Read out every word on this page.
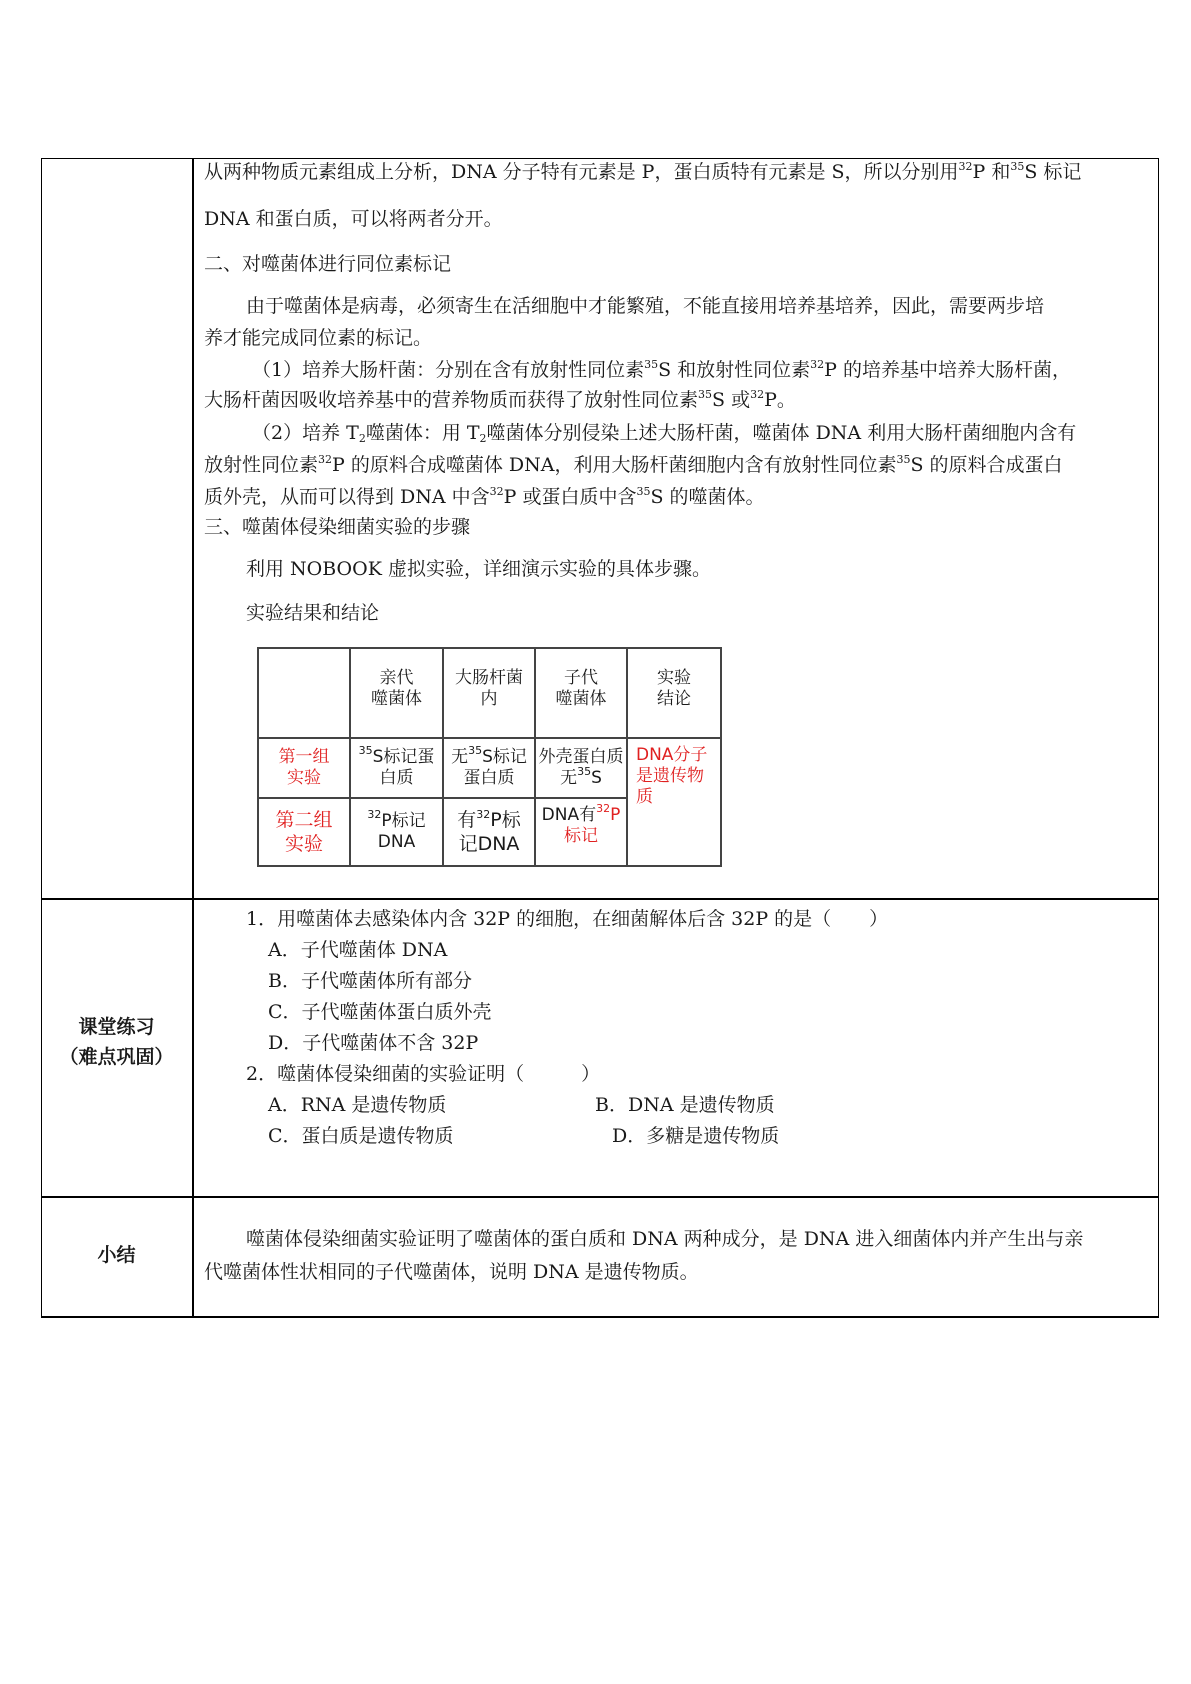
从两种物质元素组成上分析，DNA 分子特有元素是 P，蛋白质特有元素是 S，所以分别用$^{32}$P 和$^{35}$S 标记
DNA 和蛋白质，可以将两者分开。
二、对噬菌体进行同位素标记
由于噬菌体是病毒，必须寄生在活细胞中才能繁殖，不能直接用培养基培养，因此，需要两步培
养才能完成同位素的标记。
（1）培养大肠杆菌：分别在含有放射性同位素$^{35}$S 和放射性同位素$^{32}$P 的培养基中培养大肠杆菌，
大肠杆菌因吸收培养基中的营养物质而获得了放射性同位素$^{35}$S 或$^{32}$P。
（2）培养 $T_2$噬菌体：用 $T_2$噬菌体分别侵染上述大肠杆菌，噬菌体 DNA 利用大肠杆菌细胞内含有
放射性同位素$^{32}$P 的原料合成噬菌体 DNA，利用大肠杆菌细胞内含有放射性同位素$^{35}$S 的原料合成蛋白
质外壳，从而可以得到 DNA 中含$^{32}$P 或蛋白质中含$^{35}$S 的噬菌体。
三、噬菌体侵染细菌实验的步骤
利用 NOBOOK 虚拟实验，详细演示实验的具体步骤。
实验结果和结论
亲代
噬菌体
大肠杆菌
内
子代
噬菌体
实验
结论
第一组
实验
$^{35}$S标记蛋
白质
无$^{35}$S标记
蛋白质
外壳蛋白质
无$^{35}$S
DNA分子
是遗传物
质
第二组
实验
$^{32}$P标记
DNA
有$^{32}$P标
记DNA
DNA有$^{32}$P
标记
课堂练习
（难点巩固）
1．用噬菌体去感染体内含 32P 的细胞，在细菌解体后含 32P 的是（　　）
A．子代噬菌体 DNA
B．子代噬菌体所有部分
C．子代噬菌体蛋白质外壳
D．子代噬菌体不含 32P
2．噬菌体侵染细菌的实验证明（　　　）
A．RNA 是遗传物质	B．DNA 是遗传物质
C．蛋白质是遗传物质	D．多糖是遗传物质
小结
噬菌体侵染细菌实验证明了噬菌体的蛋白质和 DNA 两种成分，是 DNA 进入细菌体内并产生出与亲
代噬菌体性状相同的子代噬菌体，说明 DNA 是遗传物质。
